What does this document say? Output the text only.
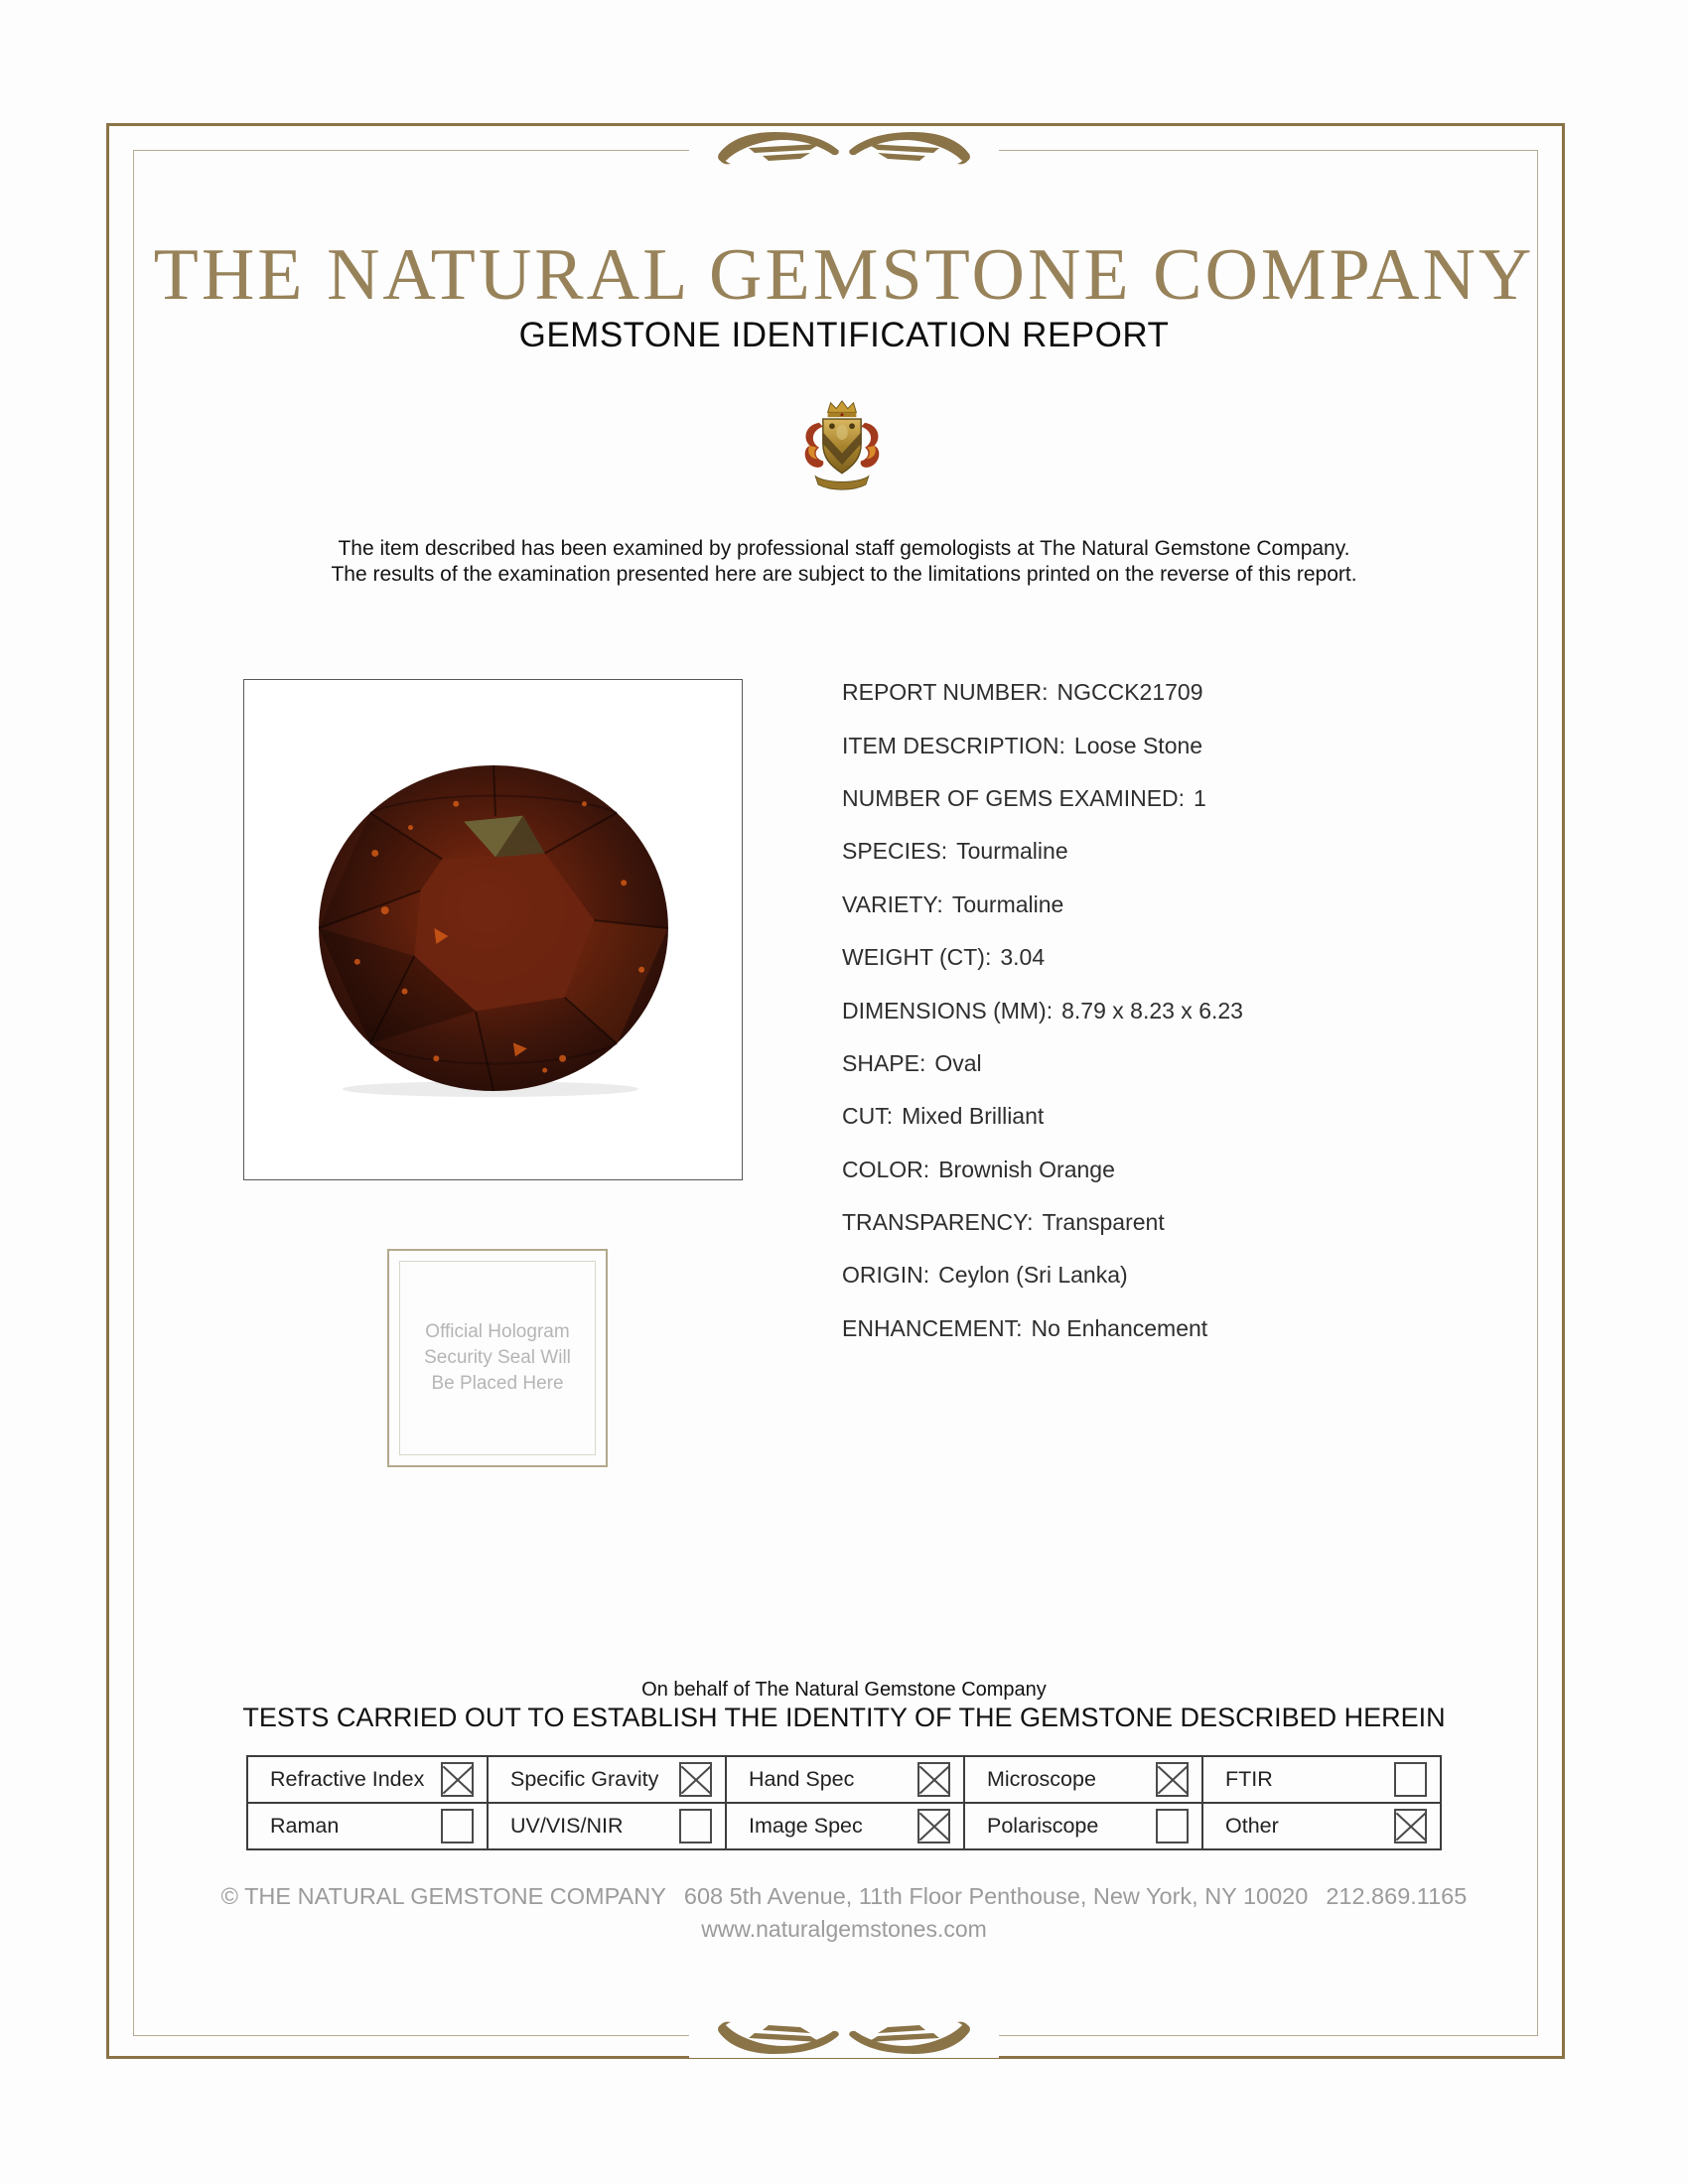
THE NATURAL GEMSTONE COMPANY
GEMSTONE IDENTIFICATION REPORT
The item described has been examined by professional staff gemologists at The Natural Gemstone Company.
The results of the examination presented here are subject to the limitations printed on the reverse of this report.
REPORT NUMBER: NGCCK21709
ITEM DESCRIPTION: Loose Stone
NUMBER OF GEMS EXAMINED: 1
SPECIES: Tourmaline
VARIETY: Tourmaline
WEIGHT (CT): 3.04
DIMENSIONS (MM): 8.79 x 8.23 x 6.23
SHAPE: Oval
CUT: Mixed Brilliant
COLOR: Brownish Orange
TRANSPARENCY: Transparent
ORIGIN: Ceylon (Sri Lanka)
ENHANCEMENT: No Enhancement
Official Hologram
Security Seal Will
Be Placed Here
On behalf of The Natural Gemstone Company
TESTS CARRIED OUT TO ESTABLISH THE IDENTITY OF THE GEMSTONE DESCRIBED HEREIN
Refractive Index	Specific Gravity	Hand Spec	Microscope	FTIR
Raman	UV/VIS/NIR	Image Spec	Polariscope	Other
© THE NATURAL GEMSTONE COMPANY 608 5th Avenue, 11th Floor Penthouse, New York, NY 10020 212.869.1165
www.naturalgemstones.com
